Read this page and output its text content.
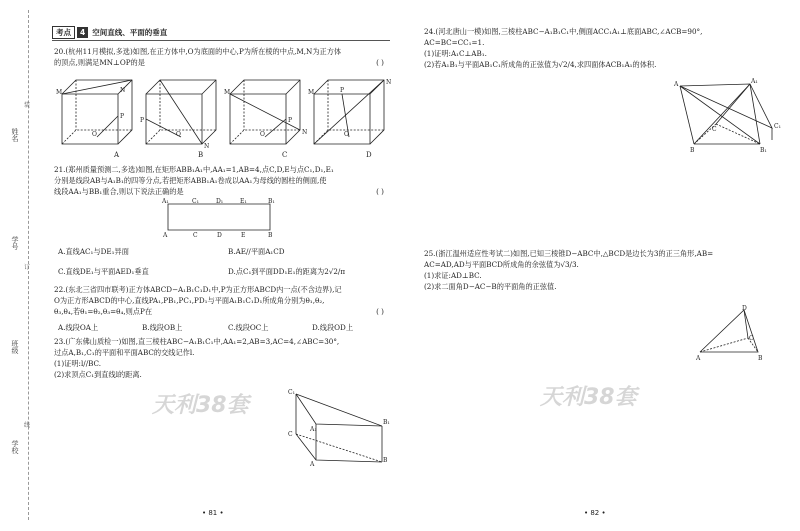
姓名
学号
班级
学校
装
订
线
考点	4 空间直线、平面的垂直
20.(杭州11月模拟,多选)如图,在正方体中,O为底面的中心,P为所在棱的中点,M,N为正方体
的顶点,则满足MN⊥OP的是	( )
M	N
P
O
P
N
O
M
P
N
O
M	P
N
O
A	B	C	D
21.(郑州质量预测二,多选)如图,在矩形ABB₁A₁中,AA₁=1,AB=4,点C,D,E与点C₁,D₁,E₁
分别是线段AB与A₁B₁的四等分点,若把矩形ABB₁A₁卷成以AA₁为母线的圆柱的侧面,使
线段AA₁与BB₁重合,则以下说法正确的是	( )
A₁	C₁	D₁	E₁	B₁
A	C	D	E	B
A.直线AC₁与DE₁异面	B.AE//平面A₁CD
C.直线DE₁与平面AED₁垂直	D.点C₁到平面DD₁E₁的距离为2√2/π
22.(东北三省四市联考)正方体ABCD−A₁B₁C₁D₁中,P为正方形ABCD内一点(不含边界),记
O为正方形ABCD的中心,直线PA₁,PB₁,PC₁,PD₁与平面A₁B₁C₁D₁所成角分别为θ₁,θ₂,
θ₃,θ₄,若θ₁=θ₂,θ₃=θ₄,则点P在	( )
A.线段OA上	B.线段OB上	C.线段OC上	D.线段OD上
23.(广东佛山质检一)如图,直三棱柱ABC−A₁B₁C₁中,AA₁=2,AB=3,AC=4,∠ABC=30°,
过点A,B₁,C₁的平面和平面ABC的交线记作l.
(1)证明:l//BC.
(2)求顶点C₁到直线l的距离.
C₁
C
A₁
A
B₁
B
天利38套
• 81 •
24.(河北唐山一模)如图,三棱柱ABC−A₁B₁C₁中,侧面ACC₁A₁⊥底面ABC,∠ACB=90°,
AC=BC=CC₁=1.
(1)证明:A₁C⊥AB₁.
(2)若A₁B₁与平面AB₁C₁所成角的正弦值为√2/4,求四面体ACB₁A₁的体积.
A	A₁
C₁
C
B	B₁
25.(浙江温州适应性考试二)如图,已知三棱锥D−ABC中,△BCD是边长为3的正三角形,AB=
AC=AD,AD与平面BCD所成角的余弦值为√3/3.
(1)求证:AD⊥BC.
(2)求二面角D−AC−B的平面角的正弦值.
A
D
C
B
天利38套
• 82 •
